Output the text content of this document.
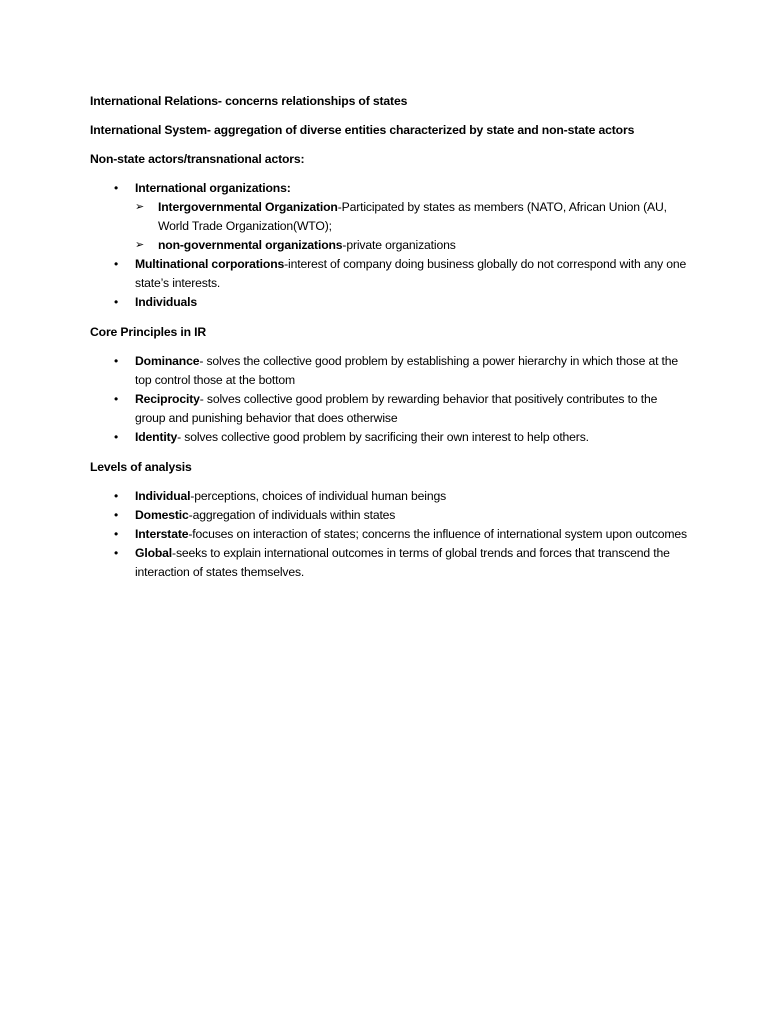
International Relations- concerns relationships of states

International System- aggregation of diverse entities characterized by state and non-state actors

Non-state actors/transnational actors:

• International organizations:
➢ Intergovernmental Organization-Participated by states as members (NATO, African Union (AU, World Trade Organization(WTO);
➢ non-governmental organizations-private organizations
• Multinational corporations-interest of company doing business globally do not correspond with any one state’s interests.
• Individuals

Core Principles in IR

• Dominance- solves the collective good problem by establishing a power hierarchy in which those at the top control those at the bottom
• Reciprocity- solves collective good problem by rewarding behavior that positively contributes to the group and punishing behavior that does otherwise
• Identity- solves collective good problem by sacrificing their own interest to help others.

Levels of analysis

• Individual-perceptions, choices of individual human beings
• Domestic-aggregation of individuals within states
• Interstate-focuses on interaction of states; concerns the influence of international system upon outcomes
• Global-seeks to explain international outcomes in terms of global trends and forces that transcend the interaction of states themselves.
